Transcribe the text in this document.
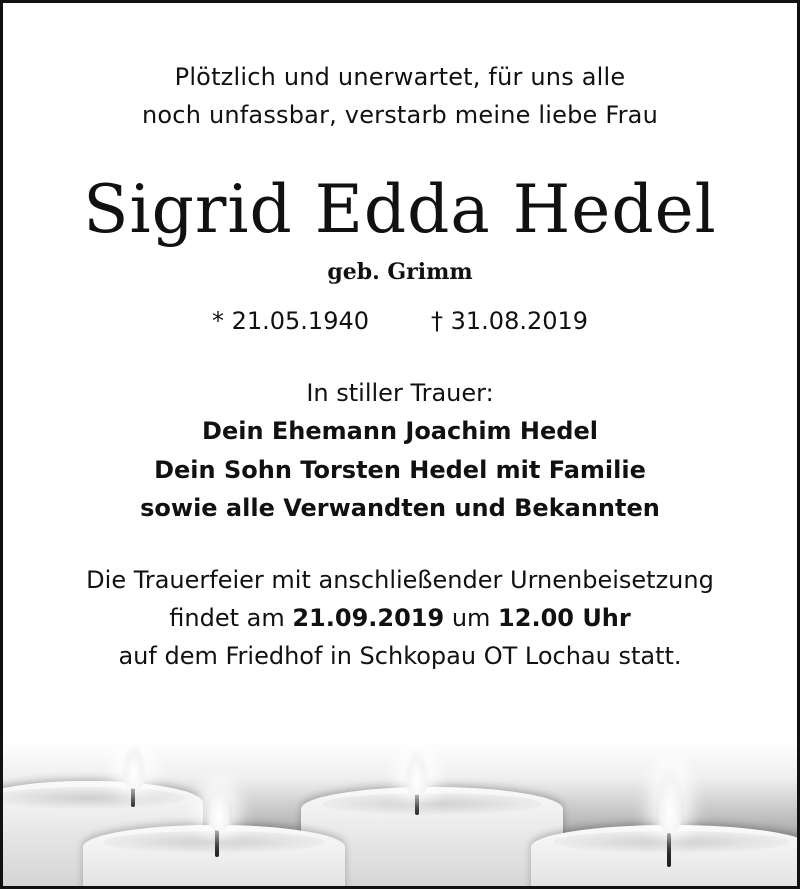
Plötzlich und unerwartet, für uns alle
noch unfassbar, verstarb meine liebe Frau
Sigrid Edda Hedel
geb. Grimm
* 21.05.1940	† 31.08.2019
In stiller Trauer:
Dein Ehemann Joachim Hedel
Dein Sohn Torsten Hedel mit Familie
sowie alle Verwandten und Bekannten
Die Trauerfeier mit anschließender Urnenbeisetzung
findet am 21.09.2019 um 12.00 Uhr
auf dem Friedhof in Schkopau OT Lochau statt.
